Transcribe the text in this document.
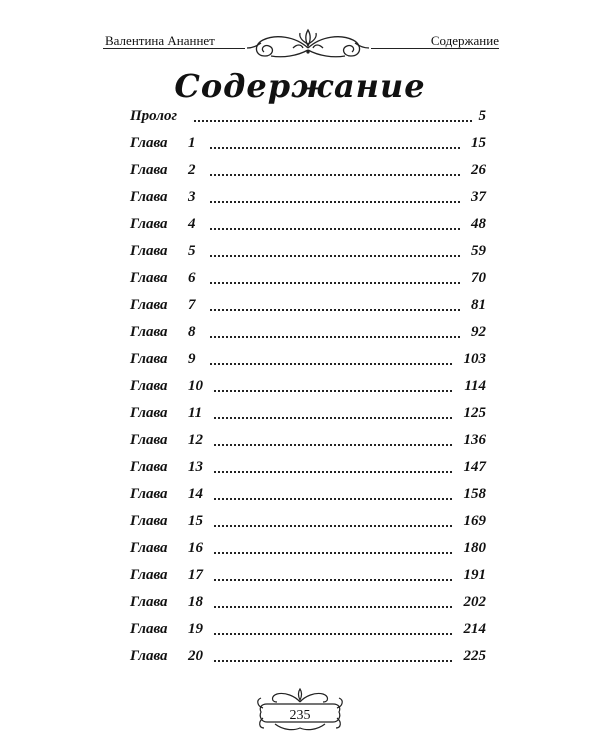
Валентина Ананнет	Содержание
Содержание
Пролог	5
Глава 1	15
Глава 2	26
Глава 3	37
Глава 4	48
Глава 5	59
Глава 6	70
Глава 7	81
Глава 8	92
Глава 9	103
Глава 10	114
Глава 11	125
Глава 12	136
Глава 13	147
Глава 14	158
Глава 15	169
Глава 16	180
Глава 17	191
Глава 18	202
Глава 19	214
Глава 20	225
235
